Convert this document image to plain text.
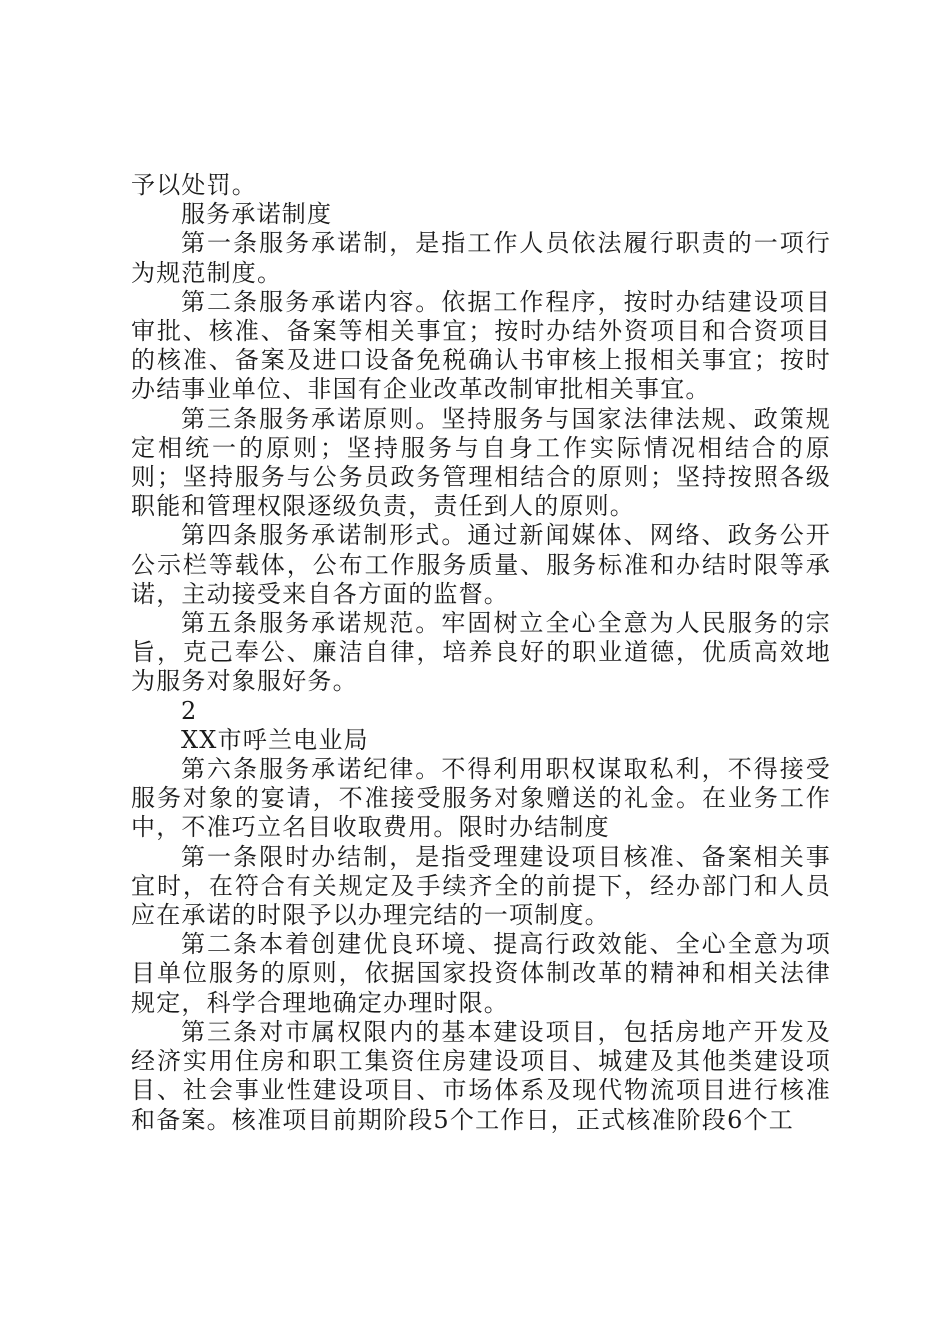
予以处罚。

服务承诺制度

第一条服务承诺制，是指工作人员依法履行职责的一项行为规范制度。

第二条服务承诺内容。依据工作程序，按时办结建设项目审批、核准、备案等相关事宜；按时办结外资项目和合资项目的核准、备案及进口设备免税确认书审核上报相关事宜；按时办结事业单位、非国有企业改革改制审批相关事宜。

第三条服务承诺原则。坚持服务与国家法律法规、政策规定相统一的原则；坚持服务与自身工作实际情况相结合的原则；坚持服务与公务员政务管理相结合的原则；坚持按照各级职能和管理权限逐级负责，责任到人的原则。

第四条服务承诺制形式。通过新闻媒体、网络、政务公开公示栏等载体，公布工作服务质量、服务标准和办结时限等承诺，主动接受来自各方面的监督。

第五条服务承诺规范。牢固树立全心全意为人民服务的宗旨，克己奉公、廉洁自律，培养良好的职业道德，优质高效地为服务对象服好务。

2

XX市呼兰电业局

第六条服务承诺纪律。不得利用职权谋取私利，不得接受服务对象的宴请，不准接受服务对象赠送的礼金。在业务工作中，不准巧立名目收取费用。限时办结制度

第一条限时办结制，是指受理建设项目核准、备案相关事宜时，在符合有关规定及手续齐全的前提下，经办部门和人员应在承诺的时限予以办理完结的一项制度。

第二条本着创建优良环境、提高行政效能、全心全意为项目单位服务的原则，依据国家投资体制改革的精神和相关法律规定，科学合理地确定办理时限。

第三条对市属权限内的基本建设项目，包括房地产开发及经济实用住房和职工集资住房建设项目、城建及其他类建设项目、社会事业性建设项目、市场体系及现代物流项目进行核准和备案。核准项目前期阶段5个工作日，正式核准阶段6个工
